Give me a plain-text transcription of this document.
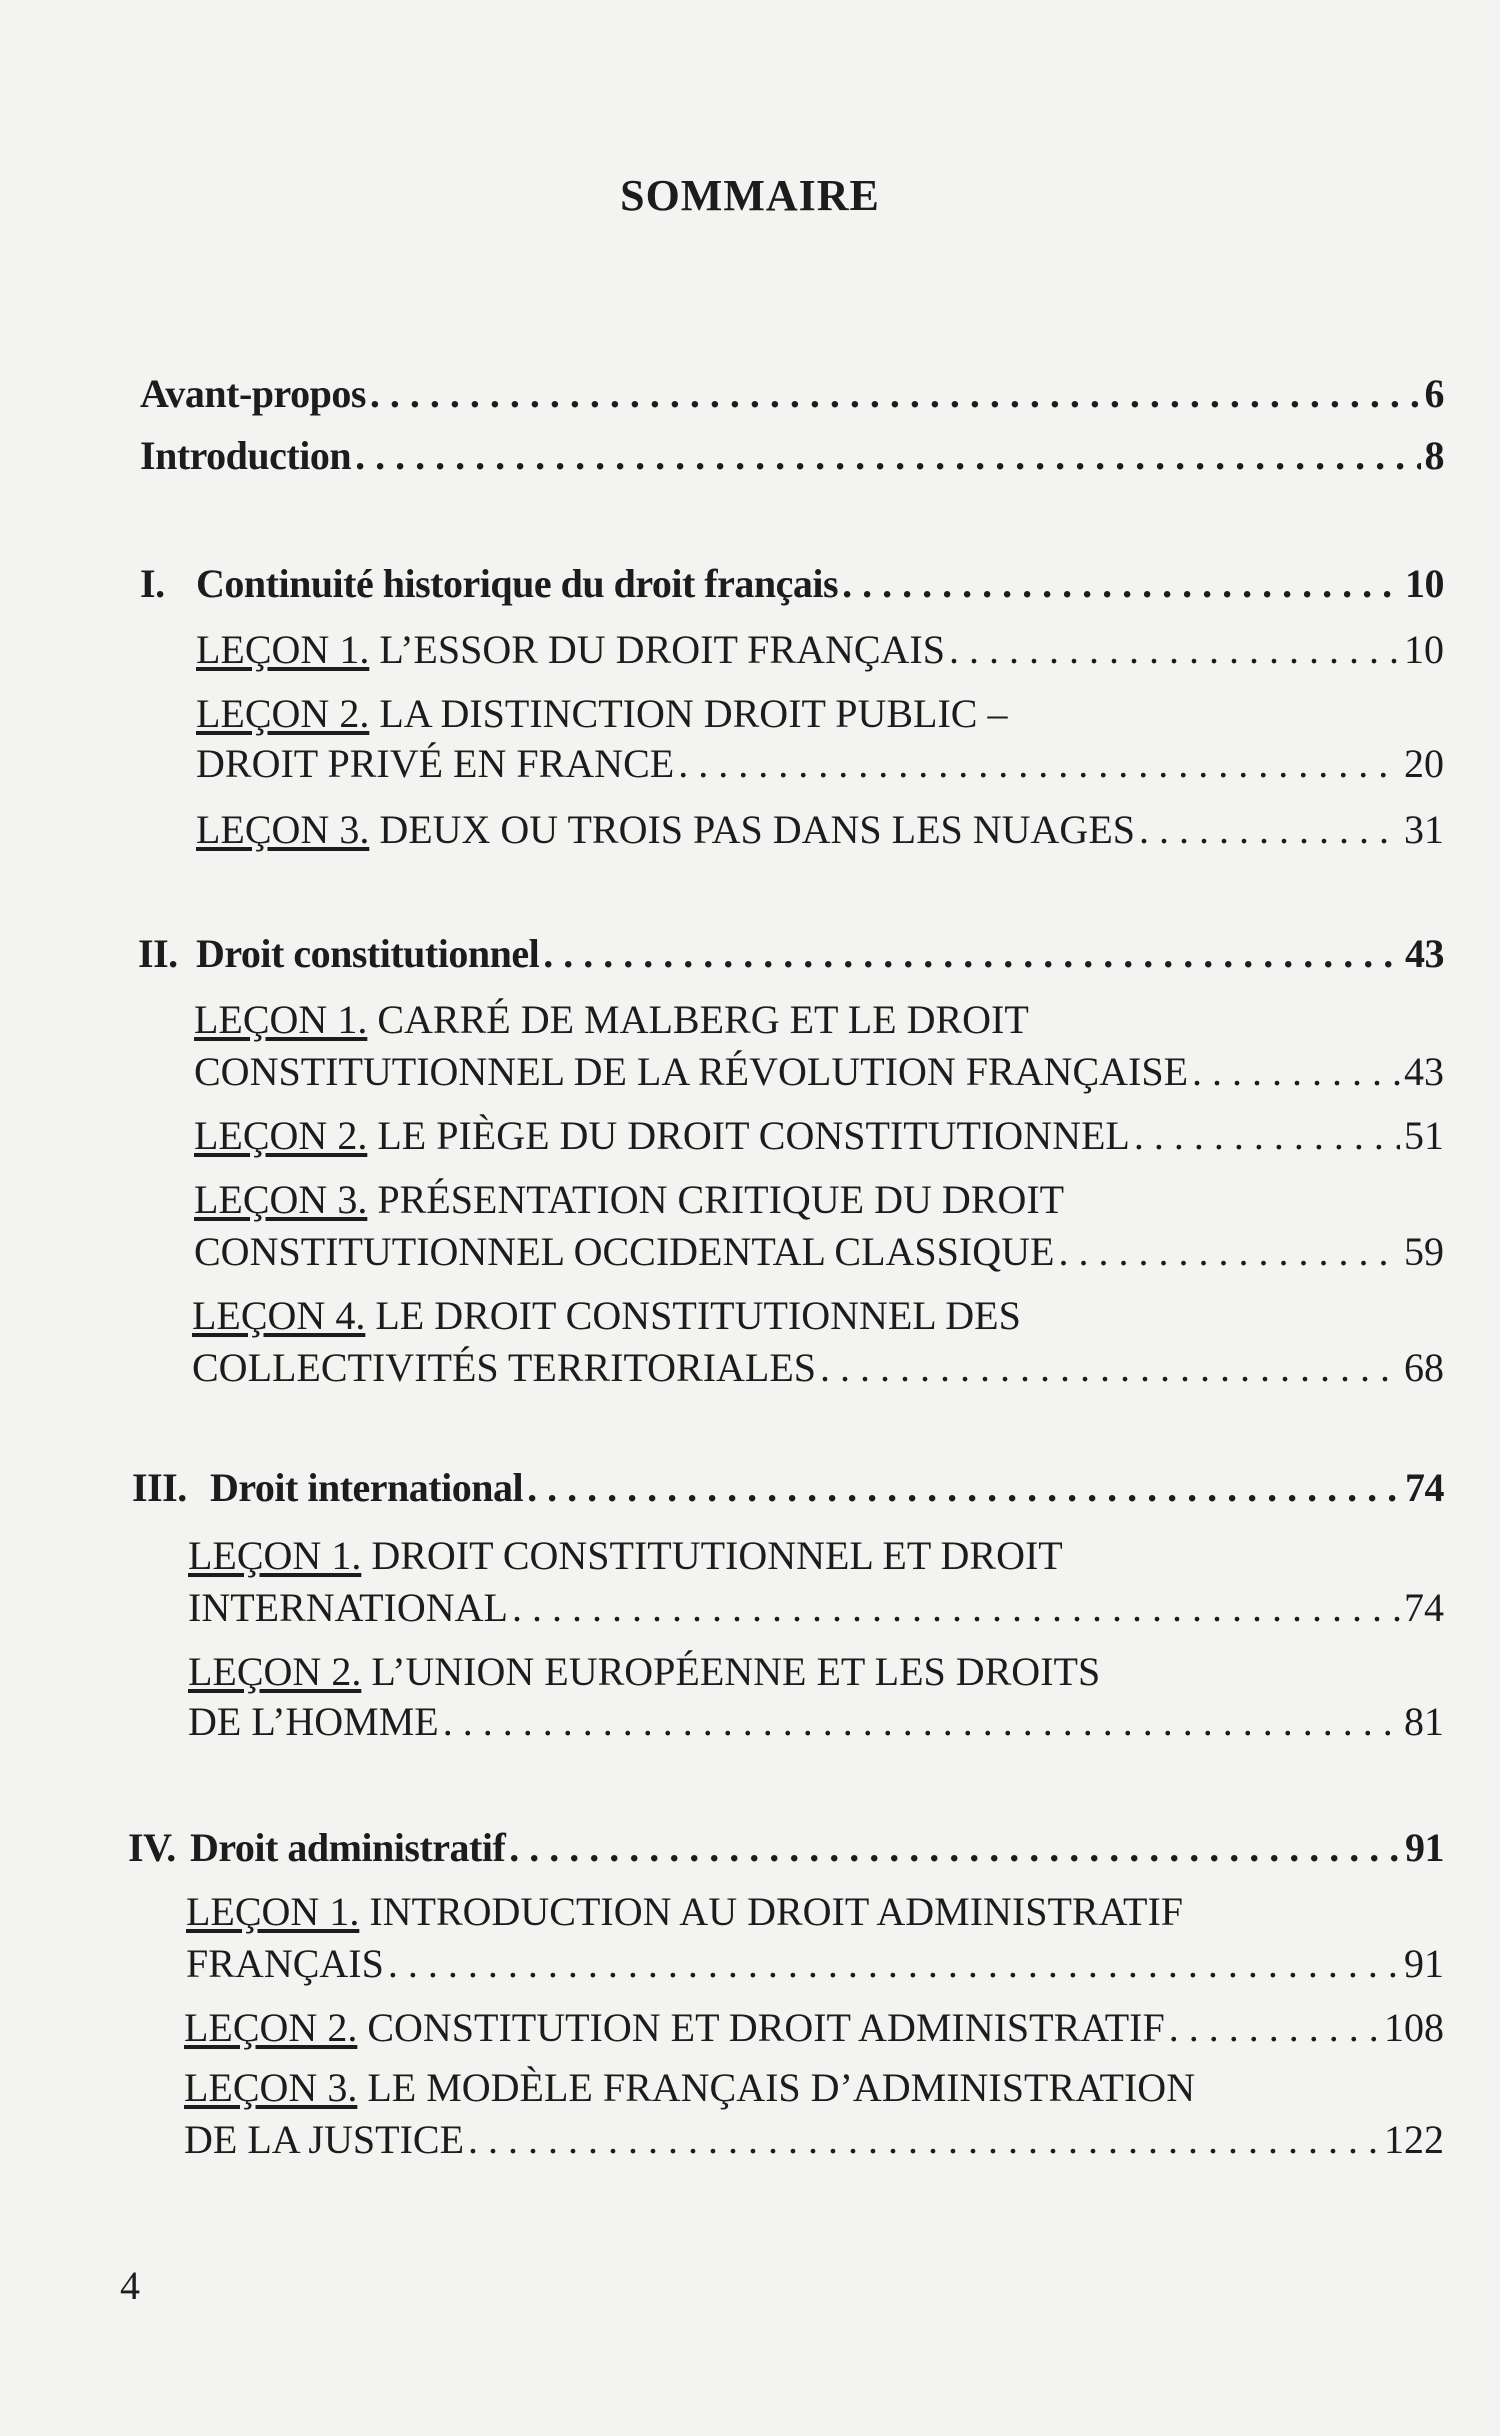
SOMMAIRE
Avant-propos . . .	6
Introduction . . .	8
I. Continuité historique du droit français . . .	10
LEÇON 1. L’ESSOR DU DROIT FRANÇAIS . . .	10
LEÇON 2. LA DISTINCTION DROIT PUBLIC –
DROIT PRIVÉ EN FRANCE . . .	20
LEÇON 3. DEUX OU TROIS PAS DANS LES NUAGES . . .	31
II. Droit constitutionnel . . .	43
LEÇON 1. CARRÉ DE MALBERG ET LE DROIT
CONSTITUTIONNEL DE LA RÉVOLUTION FRANÇAISE . . .	43
LEÇON 2. LE PIÈGE DU DROIT CONSTITUTIONNEL . . .	51
LEÇON 3. PRÉSENTATION CRITIQUE DU DROIT
CONSTITUTIONNEL OCCIDENTAL CLASSIQUE . . .	59
LEÇON 4. LE DROIT CONSTITUTIONNEL DES
COLLECTIVITÉS TERRITORIALES . . .	68
III. Droit international . . .	74
LEÇON 1. DROIT CONSTITUTIONNEL ET DROIT
INTERNATIONAL . . .	74
LEÇON 2. L’UNION EUROPÉENNE ET LES DROITS
DE L’HOMME . . .	81
IV. Droit administratif . . .	91
LEÇON 1. INTRODUCTION AU DROIT ADMINISTRATIF
FRANÇAIS . . .	91
LEÇON 2. CONSTITUTION ET DROIT ADMINISTRATIF . . .	108
LEÇON 3. LE MODÈLE FRANÇAIS D’ADMINISTRATION
DE LA JUSTICE . . .	122
4
